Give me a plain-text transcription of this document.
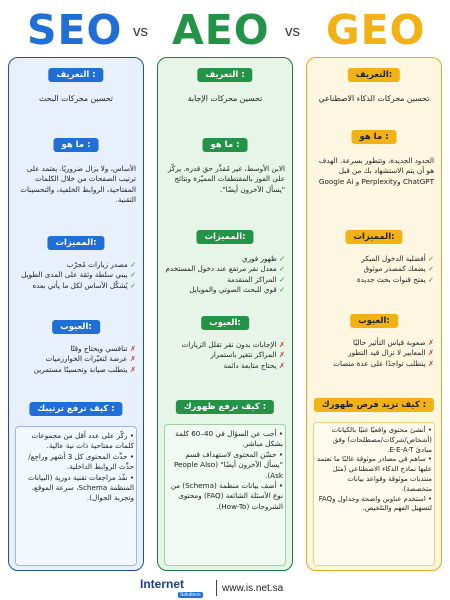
SEO vs AEO vs GEO
التعريف :
تحسين محركات البحث
ما هو :
الأساس، ولا يزال ضروريًا. يعتمد على ترتيب الصفحات من خلال الكلمات المفتاحية، الروابط الخلفية، والتحسينات التقنية.
المميزات:
✓ مصدر زيارات مُجرّب
✓ يبني سلطة وثقة على المدى الطويل
✓ يُشكّل الأساس لكل ما يأتي بعده
العيوب:
✗ تنافسي ويحتاج وقتًا
✗ عرضة لتغيّرات الخوارزميات
✗ يتطلب صيانة وتحسينًا مستمرين
كيف ترفع ترتيبك :
• ركّز على عدد أقل من مجموعات كلمات مفتاحية ذات نية عالية.
• حدِّث المحتوى كل 3 أشهر وراجِع/ حدِّث الروابط الداخلية.
• نفّذ مراجعات تقنية دورية (البيانات المنظمة Schema، سرعة الموقع، وتجربة الجوال).
التعريف :
تحسين محركات الإجابة
ما هو :
الابن الأوسط، غير مُقدَّر حق قدره. يركّز على الفوز بالمقتطفات المميّزة ونتائج "يسأل الآخرون أيضًا".
المميزات:
✓ ظهور فوري
✓ معدل نقر مرتفع عند دخول المستخدم
✓ المراكز المتقدمة
✓ قوي للبحث الصوتي والموبايل
العيوب:
✗ الإجابات بدون نقر تقلل الزيارات
✗ المراكز تتغير باستمرار
✗ يحتاج متابعة دائمة
كيف ترفع ظهورك :
• أجب عن السؤال في 40–60 كلمة بشكل مباشر.
• حسّن المحتوى لاستهداف قسم "يسأل الآخرون أيضًا" (People Also Ask).
• أضف بيانات منظمة (Schema) من نوع الأسئلة الشائعة (FAQ) ومحتوى الشروحات (How-To).
التعريف:
تحسين محركات الذكاء الاصطناعي
ما هو :
الحدود الجديدة، وتتطور بسرعة. الهدف هو أن يتم الاستشهاد بك من قبل ChatGPT وPerplexity و Google Ai
المميزات:
✓ أفضلية الدخول المبكر
✓ يضعك كمصدر موثوق
✓ يفتح قنوات بحث جديدة
العيوب:
✗ صعوبة قياس التأثير حاليًا
✗ المعايير لا تزال قيد التطور
✗ يتطلب تواجدًا على عدة منصات
كيف تزيد فرص ظهورك :
• أنشئ محتوى واقعيًا غنيًا بالكيانات (أشخاص/شركات/مصطلحات) وفق مبادئ E-E-A-T.
• ساهم في مصادر موثوقة غالبًا ما تعتمد عليها نماذج الذكاء الاصطناعي (مثل منتديات موثوقة وقواعد بيانات متخصصة).
• استخدم عناوين واضحة وجداول وFAQ لتسهيل الفهم والتلخيص.
Internet
Solutions
www.is.net.sa
